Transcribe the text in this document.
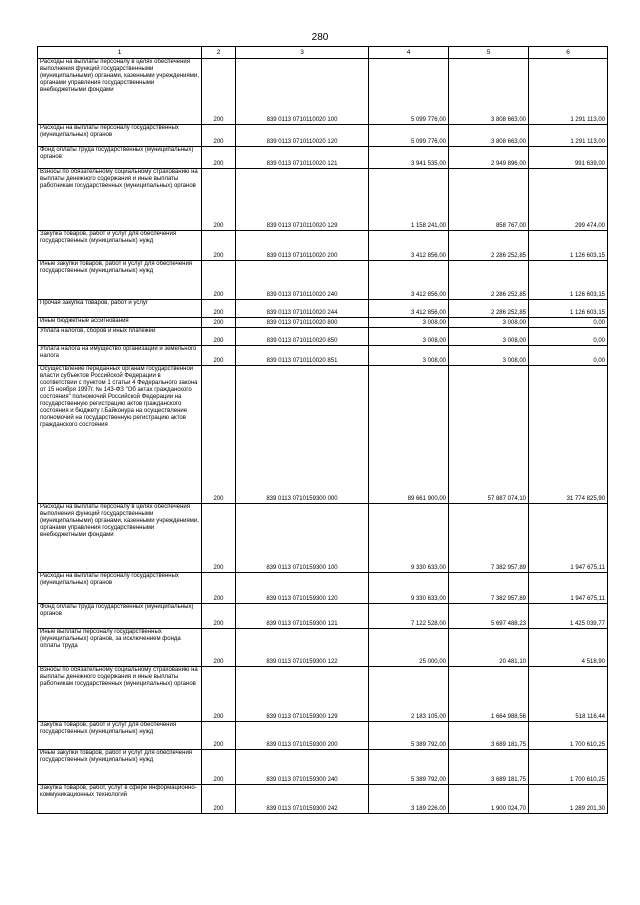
280
1	2	3	4	5	6
Расходы на выплаты персоналу в целях обеспечения выполнения функций государственными (муниципальными) органами, казенными учреждениями, органами управления государственными внебюджетными фондами	200	839 0113 0710110020 100	5 099 776,00	3 808 663,00	1 291 113,00
Расходы на выплаты персоналу государственных (муниципальных) органов	200	839 0113 0710110020 120	5 099 776,00	3 808 663,00	1 291 113,00
Фонд оплаты труда государственных (муниципальных) органов	200	839 0113 0710110020 121	3 941 535,00	2 949 896,00	991 639,00
Взносы по обязательному социальному страхованию на выплаты денежного содержания и иные выплаты работникам государственных (муниципальных) органов	200	839 0113 0710110020 129	1 158 241,00	858 767,00	299 474,00
Закупка товаров, работ и услуг для обеспечения государственных (муниципальных) нужд	200	839 0113 0710110020 200	3 412 856,00	2 286 252,85	1 126 603,15
Иные закупки товаров, работ и услуг для обеспечения государственных (муниципальных) нужд	200	839 0113 0710110020 240	3 412 856,00	2 286 252,85	1 126 603,15
Прочая закупка товаров, работ и услуг	200	839 0113 0710110020 244	3 412 856,00	2 286 252,85	1 126 603,15
Иные бюджетные ассигнования	200	839 0113 0710110020 800	3 008,00	3 008,00	0,00
Уплата налогов, сборов и иных платежей	200	839 0113 0710110020 850	3 008,00	3 008,00	0,00
Уплата налога на имущество организаций и земельного налога	200	839 0113 0710110020 851	3 008,00	3 008,00	0,00
Осуществление переданных органам государственной власти субъектов Российской Федерации в соответствии с пунктом 1 статьи 4 Федерального закона от 15 ноября 1997г. № 143-ФЗ "Об актах гражданского состояния" полномочий Российской Федерации на государственную регистрацию актов гражданского состояния и бюджету г.Байконура на осуществление полномочий на государственную регистрацию актов гражданского состояния	200	839 0113 0710159300 000	89 661 900,00	57 887 074,10	31 774 825,90
Расходы на выплаты персоналу в целях обеспечения выполнения функций государственными (муниципальными) органами, казенными учреждениями, органами управления государственными внебюджетными фондами	200	839 0113 0710159300 100	9 330 633,00	7 382 957,89	1 947 675,11
Расходы на выплаты персоналу государственных (муниципальных) органов	200	839 0113 0710159300 120	9 330 633,00	7 382 957,89	1 947 675,11
Фонд оплаты труда государственных (муниципальных) органов	200	839 0113 0710159300 121	7 122 528,00	5 697 488,23	1 425 039,77
Иные выплаты персоналу государственных (муниципальных) органов, за исключением фонда оплаты труда	200	839 0113 0710159300 122	25 000,00	20 481,10	4 518,90
Взносы по обязательному социальному страхованию на выплаты денежного содержания и иные выплаты работникам государственных (муниципальных) органов	200	839 0113 0710159300 129	2 183 105,00	1 664 988,56	518 116,44
Закупка товаров, работ и услуг для обеспечения государственных (муниципальных) нужд	200	839 0113 0710159300 200	5 389 792,00	3 689 181,75	1 700 610,25
Иные закупки товаров, работ и услуг для обеспечения государственных (муниципальных) нужд	200	839 0113 0710159300 240	5 389 792,00	3 689 181,75	1 700 610,25
Закупка товаров, работ, услуг в сфере информационно-коммуникационных технологий	200	839 0113 0710159300 242	3 189 226,00	1 900 024,70	1 289 201,30
